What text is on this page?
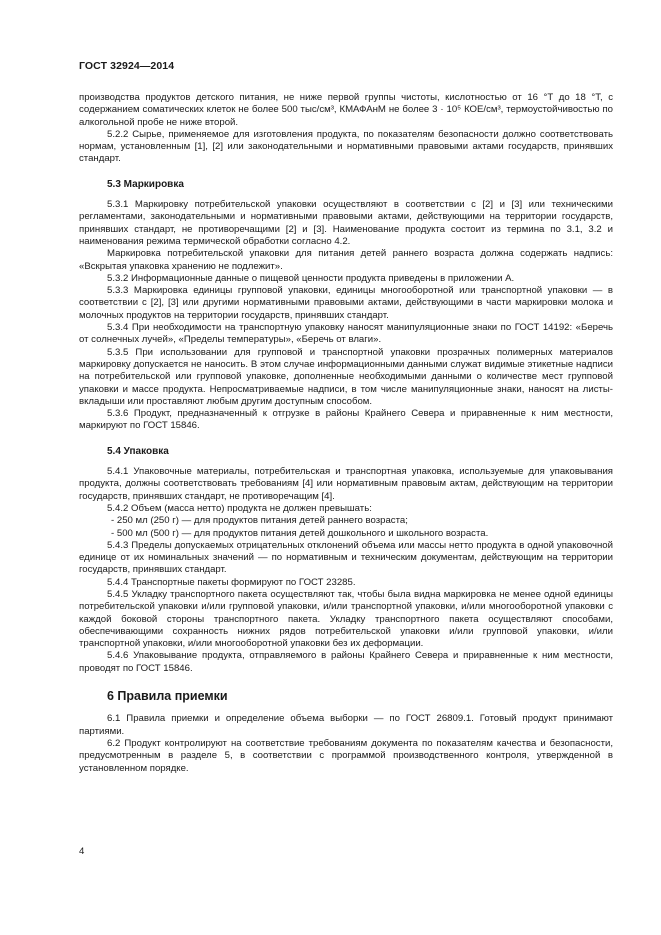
ГОСТ 32924—2014

производства продуктов детского питания, не ниже первой группы чистоты, кислотностью от 16 °Т до 18 °Т, с содержанием соматических клеток не более 500 тыс/см³, КМАФАнМ не более 3 · 10⁵ КОЕ/см³, термоустойчивостью по алкогольной пробе не ниже второй.

5.2.2 Сырье, применяемое для изготовления продукта, по показателям безопасности должно соответствовать нормам, установленным [1], [2] или законодательными и нормативными правовыми актами государств, принявших стандарт.

5.3 Маркировка

5.3.1 Маркировку потребительской упаковки осуществляют в соответствии с [2] и [3] или техническими регламентами, законодательными и нормативными правовыми актами, действующими на территории государств, принявших стандарт, не противоречащими [2] и [3]. Наименование продукта состоит из термина по 3.1, 3.2 и наименования режима термической обработки согласно 4.2.

Маркировка потребительской упаковки для питания детей раннего возраста должна содержать надпись: «Вскрытая упаковка хранению не подлежит».

5.3.2 Информационные данные о пищевой ценности продукта приведены в приложении А.

5.3.3 Маркировка единицы групповой упаковки, единицы многооборотной или транспортной упаковки — в соответствии с [2], [3] или другими нормативными правовыми актами, действующими в части маркировки молока и молочных продуктов на территории государств, принявших стандарт.

5.3.4 При необходимости на транспортную упаковку наносят манипуляционные знаки по ГОСТ 14192: «Беречь от солнечных лучей», «Пределы температуры», «Беречь от влаги».

5.3.5 При использовании для групповой и транспортной упаковки прозрачных полимерных материалов маркировку допускается не наносить. В этом случае информационными данными служат видимые этикетные надписи на потребительской или групповой упаковке, дополненные необходимыми данными о количестве мест групповой упаковки и массе продукта. Непросматриваемые надписи, в том числе манипуляционные знаки, наносят на листы-вкладыши или проставляют любым другим доступным способом.

5.3.6 Продукт, предназначенный к отгрузке в районы Крайнего Севера и приравненные к ним местности, маркируют по ГОСТ 15846.

5.4 Упаковка

5.4.1 Упаковочные материалы, потребительская и транспортная упаковка, используемые для упаковывания продукта, должны соответствовать требованиям [4] или нормативным правовым актам, действующим на территории государств, принявших стандарт, не противоречащим [4].

5.4.2 Объем (масса нетто) продукта не должен превышать:

- 250 мл (250 г) — для продуктов питания детей раннего возраста;

- 500 мл (500 г) — для продуктов питания детей дошкольного и школьного возраста.

5.4.3 Пределы допускаемых отрицательных отклонений объема или массы нетто продукта в одной упаковочной единице от их номинальных значений — по нормативным и техническим документам, действующим на территории государств, принявших стандарт.

5.4.4 Транспортные пакеты формируют по ГОСТ 23285.

5.4.5 Укладку транспортного пакета осуществляют так, чтобы была видна маркировка не менее одной единицы потребительской упаковки и/или групповой упаковки, и/или транспортной упаковки, и/или многооборотной упаковки с каждой боковой стороны транспортного пакета. Укладку транспортного пакета осуществляют способами, обеспечивающими сохранность нижних рядов потребительской упаковки и/или групповой упаковки, и/или транспортной упаковки, и/или многооборотной упаковки без их деформации.

5.4.6 Упаковывание продукта, отправляемого в районы Крайнего Севера и приравненные к ним местности, проводят по ГОСТ 15846.

6 Правила приемки

6.1 Правила приемки и определение объема выборки — по ГОСТ 26809.1. Готовый продукт принимают партиями.

6.2 Продукт контролируют на соответствие требованиям документа по показателям качества и безопасности, предусмотренным в разделе 5, в соответствии с программой производственного контроля, утвержденной в установленном порядке.

4
